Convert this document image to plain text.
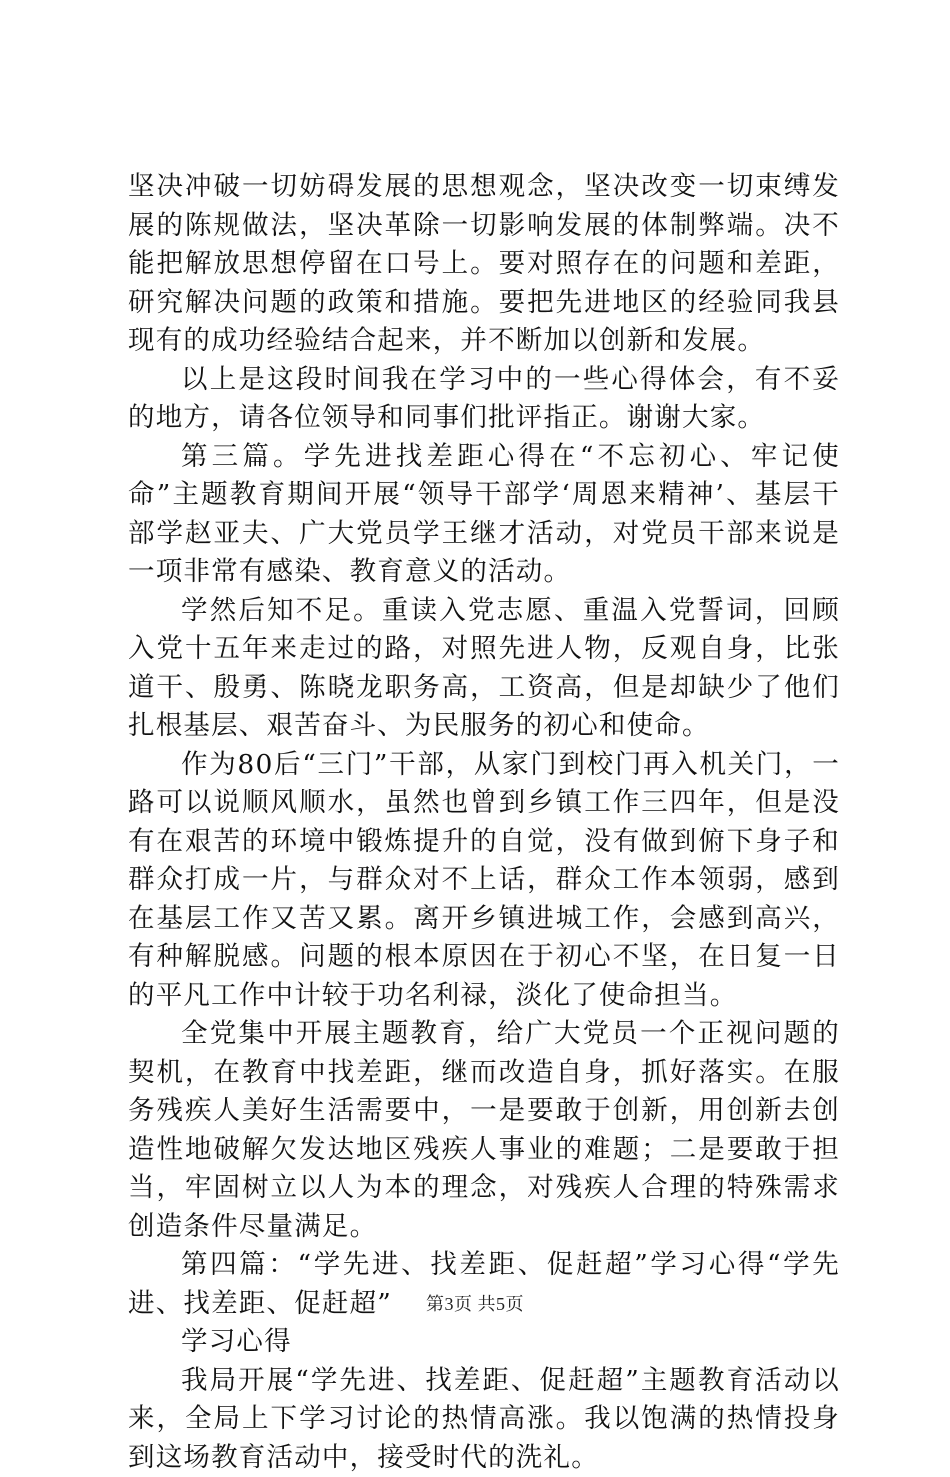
坚决冲破一切妨碍发展的思想观念，坚决改变一切束缚发展的陈规做法，坚决革除一切影响发展的体制弊端。决不能把解放思想停留在口号上。要对照存在的问题和差距，研究解决问题的政策和措施。要把先进地区的经验同我县现有的成功经验结合起来，并不断加以创新和发展。

以上是这段时间我在学习中的一些心得体会，有不妥的地方，请各位领导和同事们批评指正。谢谢大家。

第三篇。学先进找差距心得在“不忘初心、牢记使命”主题教育期间开展“领导干部学‘周恩来精神’、基层干部学赵亚夫、广大党员学王继才活动，对党员干部来说是一项非常有感染、教育意义的活动。

学然后知不足。重读入党志愿、重温入党誓词，回顾入党十五年来走过的路，对照先进人物，反观自身，比张道干、殷勇、陈晓龙职务高，工资高，但是却缺少了他们扎根基层、艰苦奋斗、为民服务的初心和使命。

作为80后“三门”干部，从家门到校门再入机关门，一路可以说顺风顺水，虽然也曾到乡镇工作三四年，但是没有在艰苦的环境中锻炼提升的自觉，没有做到俯下身子和群众打成一片，与群众对不上话，群众工作本领弱，感到在基层工作又苦又累。离开乡镇进城工作，会感到高兴，有种解脱感。问题的根本原因在于初心不坚，在日复一日的平凡工作中计较于功名利禄，淡化了使命担当。

全党集中开展主题教育，给广大党员一个正视问题的契机，在教育中找差距，继而改造自身，抓好落实。在服务残疾人美好生活需要中，一是要敢于创新，用创新去创造性地破解欠发达地区残疾人事业的难题；二是要敢于担当，牢固树立以人为本的理念，对残疾人合理的特殊需求创造条件尽量满足。

第四篇：“学先进、找差距、促赶超”学习心得“学先进、找差距、促赶超”

学习心得

我局开展“学先进、找差距、促赶超”主题教育活动以来，全局上下学习讨论的热情高涨。我以饱满的热情投身到这场教育活动中，接受时代的洗礼。

第3页 共5页
